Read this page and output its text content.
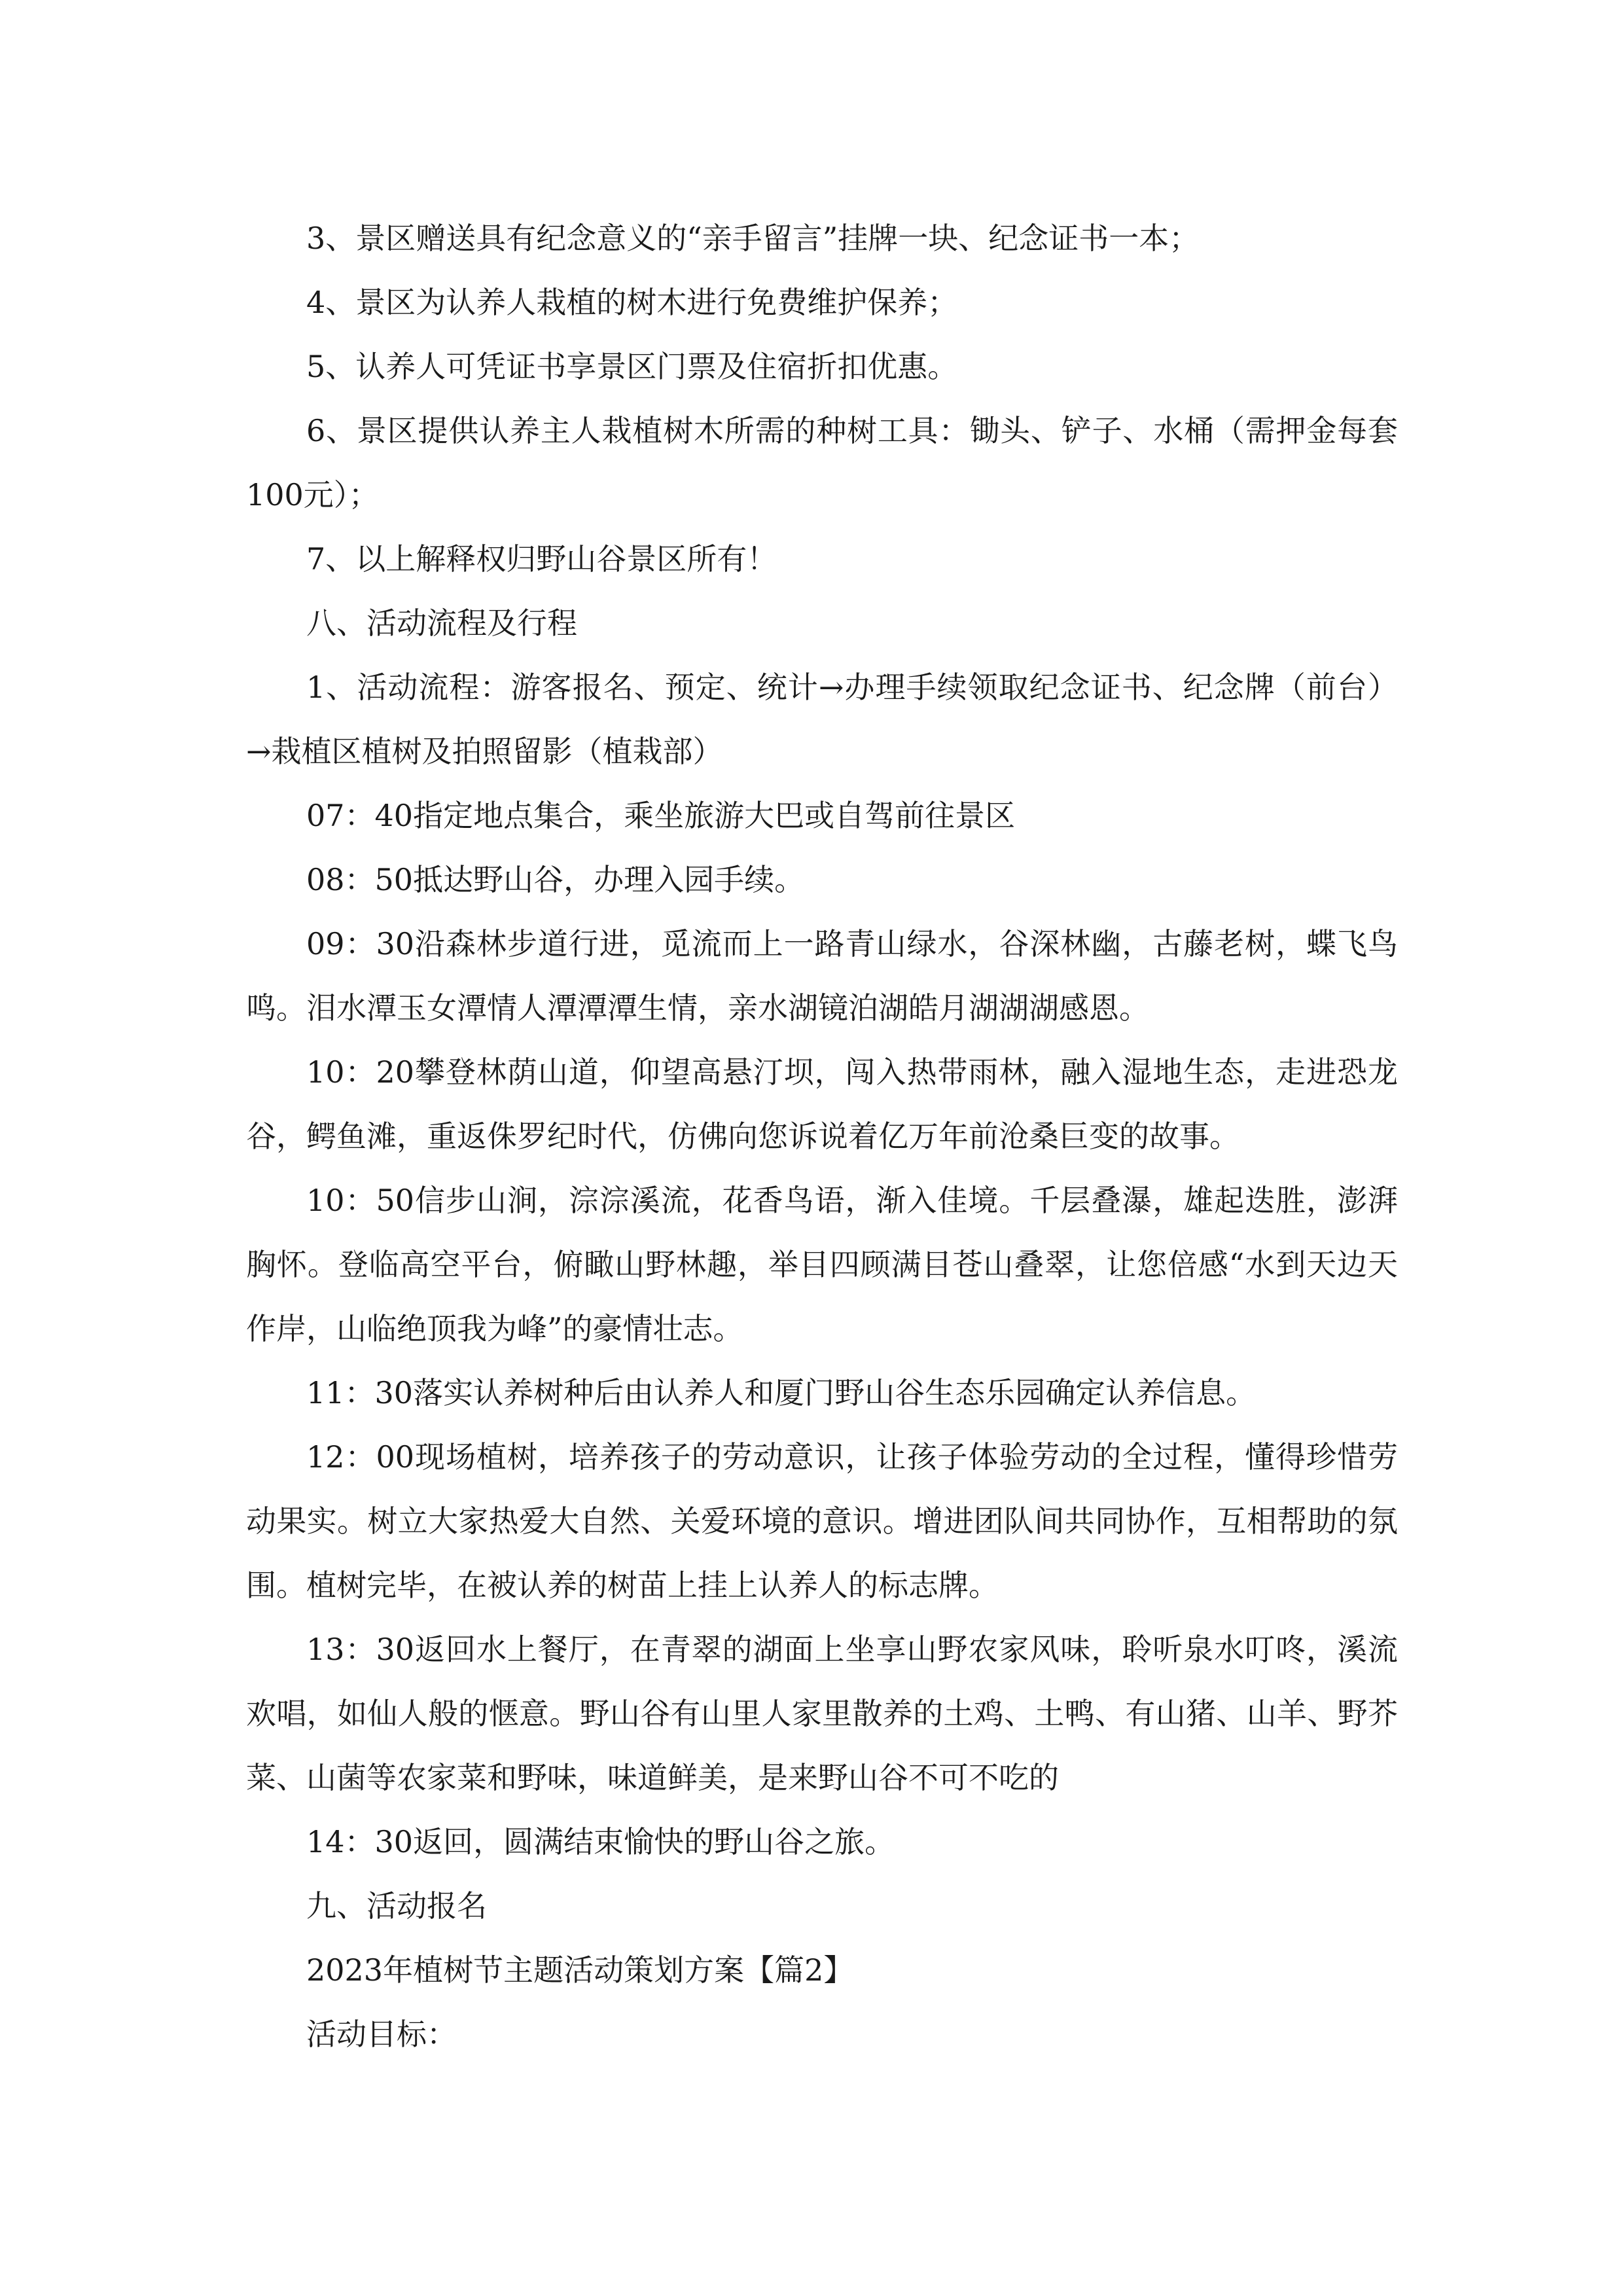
3、景区赠送具有纪念意义的“亲手留言”挂牌一块、纪念证书一本；

4、景区为认养人栽植的树木进行免费维护保养；

5、认养人可凭证书享景区门票及住宿折扣优惠。

6、景区提供认养主人栽植树木所需的种树工具：锄头、铲子、水桶（需押金每套100元）；

7、以上解释权归野山谷景区所有！

八、活动流程及行程

1、活动流程：游客报名、预定、统计→办理手续领取纪念证书、纪念牌（前台）→栽植区植树及拍照留影（植栽部）

07：40指定地点集合，乘坐旅游大巴或自驾前往景区

08：50抵达野山谷，办理入园手续。

09：30沿森林步道行进，觅流而上一路青山绿水，谷深林幽，古藤老树，蝶飞鸟鸣。泪水潭玉女潭情人潭潭潭生情，亲水湖镜泊湖皓月湖湖湖感恩。

10：20攀登林荫山道，仰望高悬汀坝，闯入热带雨林，融入湿地生态，走进恐龙谷，鳄鱼滩，重返侏罗纪时代，仿佛向您诉说着亿万年前沧桑巨变的故事。

10：50信步山涧，淙淙溪流，花香鸟语，渐入佳境。千层叠瀑，雄起迭胜，澎湃胸怀。登临高空平台，俯瞰山野林趣，举目四顾满目苍山叠翠，让您倍感“水到天边天作岸，山临绝顶我为峰”的豪情壮志。

11：30落实认养树种后由认养人和厦门野山谷生态乐园确定认养信息。

12：00现场植树，培养孩子的劳动意识，让孩子体验劳动的全过程，懂得珍惜劳动果实。树立大家热爱大自然、关爱环境的意识。增进团队间共同协作，互相帮助的氛围。植树完毕，在被认养的树苗上挂上认养人的标志牌。

13：30返回水上餐厅，在青翠的湖面上坐享山野农家风味，聆听泉水叮咚，溪流欢唱，如仙人般的惬意。野山谷有山里人家里散养的土鸡、土鸭、有山猪、山羊、野芥菜、山菌等农家菜和野味，味道鲜美，是来野山谷不可不吃的

14：30返回，圆满结束愉快的野山谷之旅。

九、活动报名

2023年植树节主题活动策划方案【篇2】

活动目标：
